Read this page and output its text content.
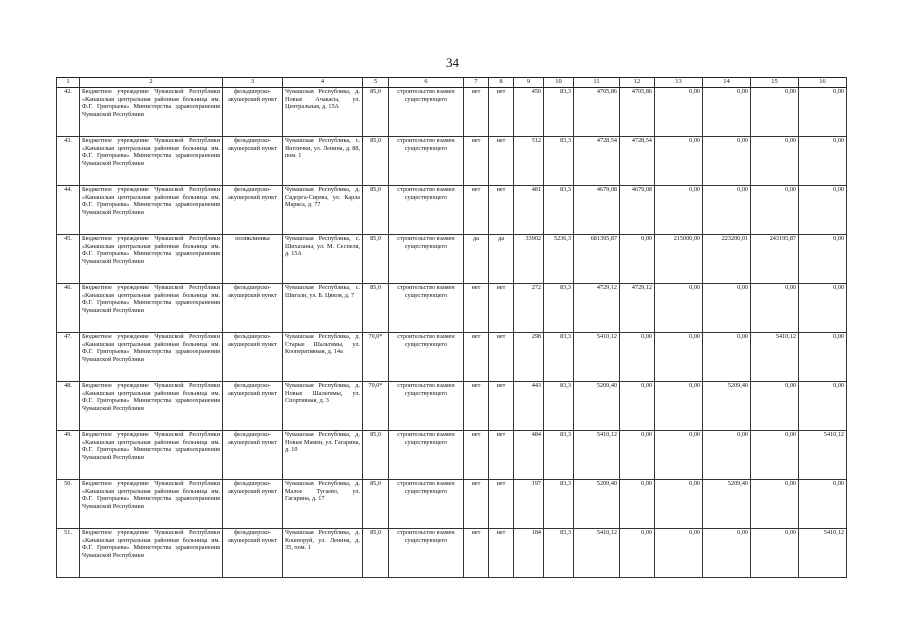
34
1	2	3	4	5	6	7	8	9	10	11	12	13	14	15	16
42.	Бюджетное учреждение Чувашской Республики «Канашская центральная районная больница им. Ф.Г. Григорьева» Министерства здравоохранения Чувашской Республики	фельдшерско-акушерский пункт	Чувашская Республика, д. Новые Ачакасы, ул. Центральная, д. 15А	85,0	строительство взамен существующего	нет	нет	450	83,3	4705,86	4705,86	0,00	0,00	0,00	0,00
43.	Бюджетное учреждение Чувашской Республики «Канашская центральная районная больница им. Ф.Г. Григорьева» Министерства здравоохранения Чувашской Республики	фельдшерско-акушерский пункт	Чувашская Республика, с. Янглички, ул. Ленина, д. 88, пом. 1	85,0	строительство взамен существующего	нет	нет	512	83,3	4728,54	4728,54	0,00	0,00	0,00	0,00
44.	Бюджетное учреждение Чувашской Республики «Канашская центральная районная больница им. Ф.Г. Григорьева» Министерства здравоохранения Чувашской Республики	фельдшерско-акушерский пункт	Чувашская Республика, д. Сядорга-Сирмы, ул. Карла Маркса, д. 77	85,0	строительство взамен существующего	нет	нет	481	83,3	4679,08	4679,08	0,00	0,00	0,00	0,00
45.	Бюджетное учреждение Чувашской Республики «Канашская центральная районная больница им. Ф.Г. Григорьева» Министерства здравоохранения Чувашской Республики	поликлиника	Чувашская Республика, с. Шихазаны, ул. М. Сеспеля, д. 15А	85,0	строительство взамен существующего	да	да	33902	5236,3	681395,87	0,00	215000,00	223200,01	243195,87	0,00
46.	Бюджетное учреждение Чувашской Республики «Канашская центральная районная больница им. Ф.Г. Григорьева» Министерства здравоохранения Чувашской Республики	фельдшерско-акушерский пункт	Чувашская Республика, с. Шигали, ул. Б. Цвиля, д. 7	85,0	строительство взамен существующего	нет	нет	272	83,3	4729,12	4729,12	0,00	0,00	0,00	0,00
47.	Бюджетное учреждение Чувашской Республики «Канашская центральная районная больница им. Ф.Г. Григорьева» Министерства здравоохранения Чувашской Республики	фельдшерско-акушерский пункт	Чувашская Республика, д. Старые Шальтямы, ул. Кооперативная, д. 14а	70,0*	строительство взамен существующего	нет	нет	298	83,3	5410,12	0,00	0,00	0,00	5410,12	0,00
48.	Бюджетное учреждение Чувашской Республики «Канашская центральная районная больница им. Ф.Г. Григорьева» Министерства здравоохранения Чувашской Республики	фельдшерско-акушерский пункт	Чувашская Республика, д. Новые Шальтямы, ул. Спортивная, д. 3	70,0*	строительство взамен существующего	нет	нет	443	83,3	5209,40	0,00	0,00	5209,40	0,00	0,00
49.	Бюджетное учреждение Чувашской Республики «Канашская центральная районная больница им. Ф.Г. Григорьева» Министерства здравоохранения Чувашской Республики	фельдшерско-акушерский пункт	Чувашская Республика, д. Новые Мамеи, ул. Гагарина, д. 10	85,0	строительство взамен существующего	нет	нет	484	83,3	5410,12	0,00	0,00	0,00	0,00	5410,12
50.	Бюджетное учреждение Чувашской Республики «Канашская центральная районная больница им. Ф.Г. Григорьева» Министерства здравоохранения Чувашской Республики	фельдшерско-акушерский пункт	Чувашская Республика, д. Малое Тугаево, ул. Гагарина, д. 17	85,0	строительство взамен существующего	нет	нет	197	83,3	5209,40	0,00	0,00	5209,40	0,00	0,00
51.	Бюджетное учреждение Чувашской Республики «Канашская центральная районная больница им. Ф.Г. Григорьева» Министерства здравоохранения Чувашской Республики	фельдшерско-акушерский пункт	Чувашская Республика, д. Кошноруй, ул. Ленина, д. 35, пом. 1	85,0	строительство взамен существующего	нет	нет	184	83,3	5410,12	0,00	0,00	0,00	0,00	5410,12
